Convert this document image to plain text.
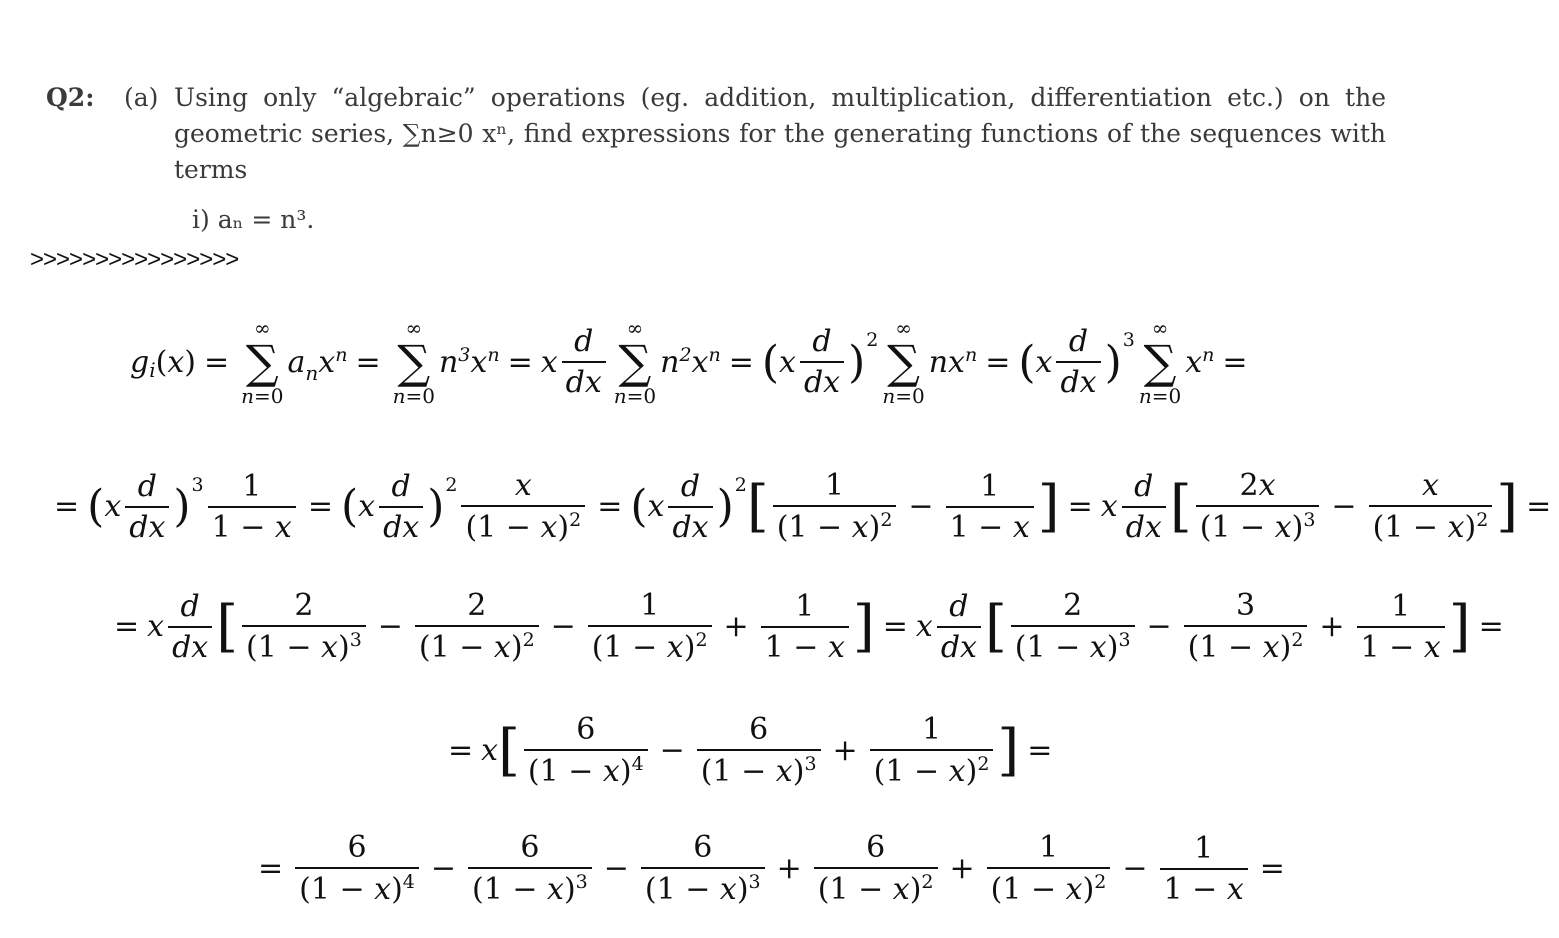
Q2:	(a) Using only “algebraic” operations (eg. addition, multiplication, differentiation etc.) on the geometric series, ∑n≥0 xⁿ, find expressions for the generating functions of the sequences with terms
i) aₙ = n³.
>>>>>>>>>>>>>>>>
g i ( x ) =
∞
∑
n=0
$a_nx^n$ =
∞
∑
n=0
$n^3x^n = x \frac{d}{dx}$ ∞
∑
n=0
$n^2x^n$ = ( x $\frac{d}{dx} )^2$ ∞
∑
n=0
$nx^n$ = ( x $\frac{d}{dx} )^3$ ∞
∑
n=0
$x^n$ =
= ( x $\frac{d}{dx} )^3 \frac{1}{1 - x}$ = ( x $\frac{d}{dx} )^2 \frac{x}{(1 - x)^2}$ = ( x $\frac{d}{dx} )^2$ [ $\frac{1}{(1 - x)^2} - \frac{1}{1 - x}$ ] = x $\frac{d}{dx}$ [ $\frac{2x}{(1 - x)^3} - \frac{x}{(1 - x)^2}$ ] =
= x $\frac{d}{dx}$ [ $\frac{2}{(1 - x)^3} - \frac{2}{(1 - x)^2} - \frac{1}{(1 - x)^2} + \frac{1}{1 - x}$ ] = x $\frac{d}{dx}$ [ $\frac{2}{(1 - x)^3} - \frac{3}{(1 - x)^2} + \frac{1}{1 - x}$ ] =
= x [ $\frac{6}{(1 - x)^4} - \frac{6}{(1 - x)^3} + \frac{1}{(1 - x)^2}$ ] =
= $\frac{6}{(1 - x)^4} - \frac{6}{(1 - x)^3} - \frac{6}{(1 - x)^3} + \frac{6}{(1 - x)^2} + \frac{1}{(1 - x)^2} - \frac{1}{1 - x}$ =
